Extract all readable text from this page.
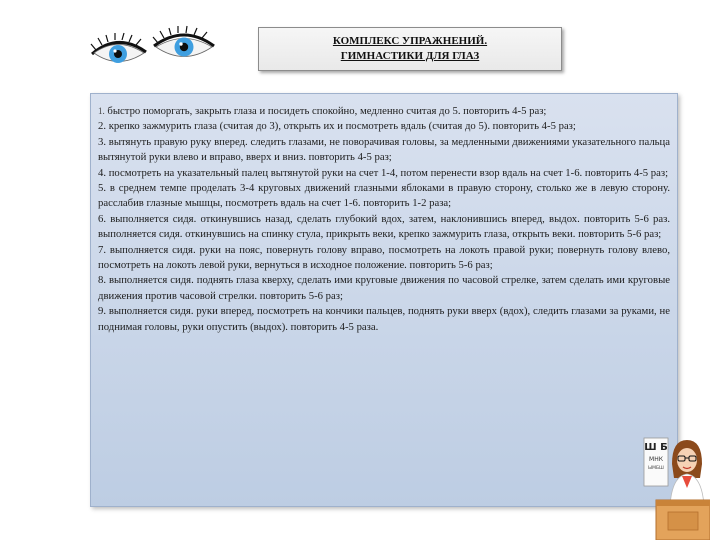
КОМПЛЕКС УПРАЖНЕНИЙ.
ГИМНАСТИКИ ДЛЯ ГЛАЗ

1. быстро поморгать, закрыть глаза и посидеть спокойно, медленно считая до 5. повторить 4-5 раз;

2. крепко зажмурить глаза (считая до 3), открыть их и посмотреть вдаль (считая до 5). повторить 4-5 раз;

3. вытянуть правую руку вперед. следить глазами, не поворачивая головы, за медленными движениями указательного пальца вытянутой руки влево и вправо, вверх и вниз. повторить 4-5 раз;

4. посмотреть на указательный палец вытянутой руки на счет 1-4, потом перенести взор вдаль на счет 1-6. повторить 4-5 раз;

5. в среднем темпе проделать 3-4 круговых движений глазными яблоками в правую сторону, столько же в левую сторону. расслабив глазные мышцы, посмотреть вдаль на счет 1-6. повторить 1-2 раза;

6. выполняется сидя. откинувшись назад, сделать глубокий вдох, затем, наклонившись вперед, выдох. повторить 5-6 раз. выполняется сидя. откинувшись на спинку стула, прикрыть веки, крепко зажмурить глаза, открыть веки. повторить 5-6 раз;

7. выполняется сидя. руки на пояс, повернуть голову вправо, посмотреть на локоть правой руки; повернуть голову влево, посмотреть на локоть левой руки, вернуться в исходное положение. повторить 5-6 раз;

8. выполняется сидя. поднять глаза кверху, сделать ими круговые движения по часовой стрелке, затем сделать ими круговые движения против часовой стрелки. повторить 5-6 раз;

9. выполняется сидя. руки вперед, посмотреть на кончики пальцев, поднять руки вверх (вдох), следить глазами за руками, не поднимая головы, руки опустить (выдох). повторить 4-5 раза.

Ш Б
МНК
ЫМБШ
